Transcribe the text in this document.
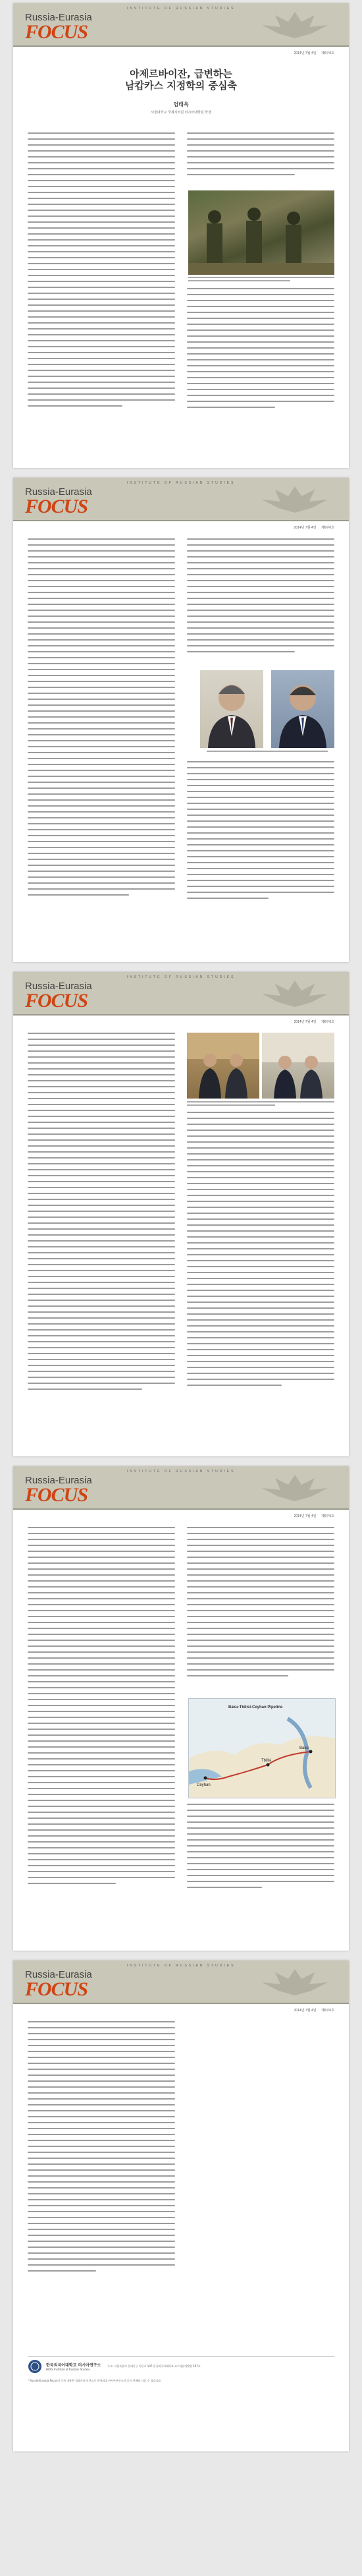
INSTITUTE OF RUSSIAN STUDIES
Russia-Eurasia
FOCUS
2014년 7월 4일 제6부0호
아제르바이잔, 급변하는
남캅카스 지정학의 중심축
엄태욱
서울대학교 국제지역원 러시아대학원 학생
INSTITUTE OF RUSSIAN STUDIES
Russia-Eurasia
FOCUS
2014년 7월 4일 제6부0호
INSTITUTE OF RUSSIAN STUDIES
Russia-Eurasia
FOCUS
2014년 7월 4일 제6부0호
INSTITUTE OF RUSSIAN STUDIES
Russia-Eurasia
FOCUS
2014년 7월 4일 제6부0호
Baku
Tbilisi
Ceyhan
Baku-Tbilisi-Ceyhan Pipeline
INSTITUTE OF RUSSIAN STUDIES
Russia-Eurasia
FOCUS
2014년 7월 4일 제6부0호
한국외국어대학교 러시아연구소
HUFS Institute of Russian Studies
주소: 서울특별시 동대문구 이문로 107 한국외국어대학교 교수학습개발원 507호
* Russia-Eurasia Focus의 기사 내용은 집필자의 의견으로 한국외대 러시아연구소의 공식 견해와 다를 수 있습니다.
